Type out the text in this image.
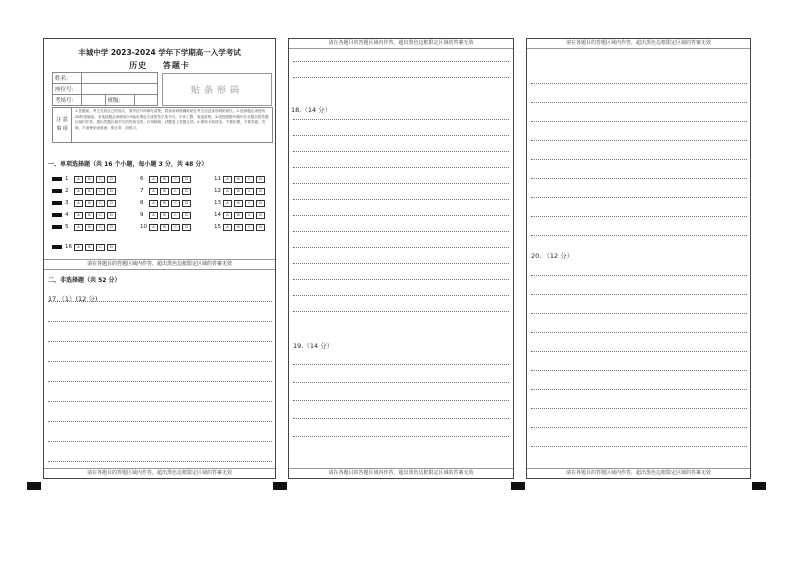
丰城中学 2023-2024 学年下学期高一入学考试
历史 答题卡
姓名：			
座位号：			
考场号：		班级：	
贴条形码
注 意
事 项
1.答题前，考生先将自己的姓名、准考证号码填写清楚，将条形码准确粘贴在考生信息条形码粘贴区。2.选择题必须使用2B铅笔填涂；非选择题必须使用0.5毫米黑色字迹的签字笔书写，字体工整，笔迹清楚。3.请按照题号顺序在各题目的答题区域内作答，超出答题区域书写的答案无效；在草稿纸、试题卷上答题无效。4.保持卡面清洁，不要折叠，不要弄破、弄皱，不准使用涂改液、修正带、刮纸刀。
一、单项选择题（共 16 个小题，每小题 3 分，共 48 分）
1	A	B	C	D
2	A	B	C	D
3	A	B	C	D
4	A	B	C	D
5	A	B	C	D
6	A	B	C	D
7	A	B	C	D
8	A	B	C	D
9	A	B	C	D
10	A	B	C	D
11	A	B	C	D
12	A	B	C	D
13	A	B	C	D
14	A	B	C	D
15	A	B	C	D
16	A	B	C	D
请在各题目的答题区域内作答，超出黑色边框限定区域的答案无效
二、非选择题（共 52 分）
17.（1）(12 分)
请在各题目的答题区域内作答，超出黑色边框限定区域的答案无效
请在各题目的答题区域内作答，超出黑色边框限定区域的答案无效
18.（14 分）
19.（14 分）
请在各题目的答题区域内作答，超出黑色边框限定区域的答案无效
请在各题目的答题区域内作答，超出黑色边框限定区域的答案无效
20. （12 分）
请在各题目的答题区域内作答，超出黑色边框限定区域的答案无效
